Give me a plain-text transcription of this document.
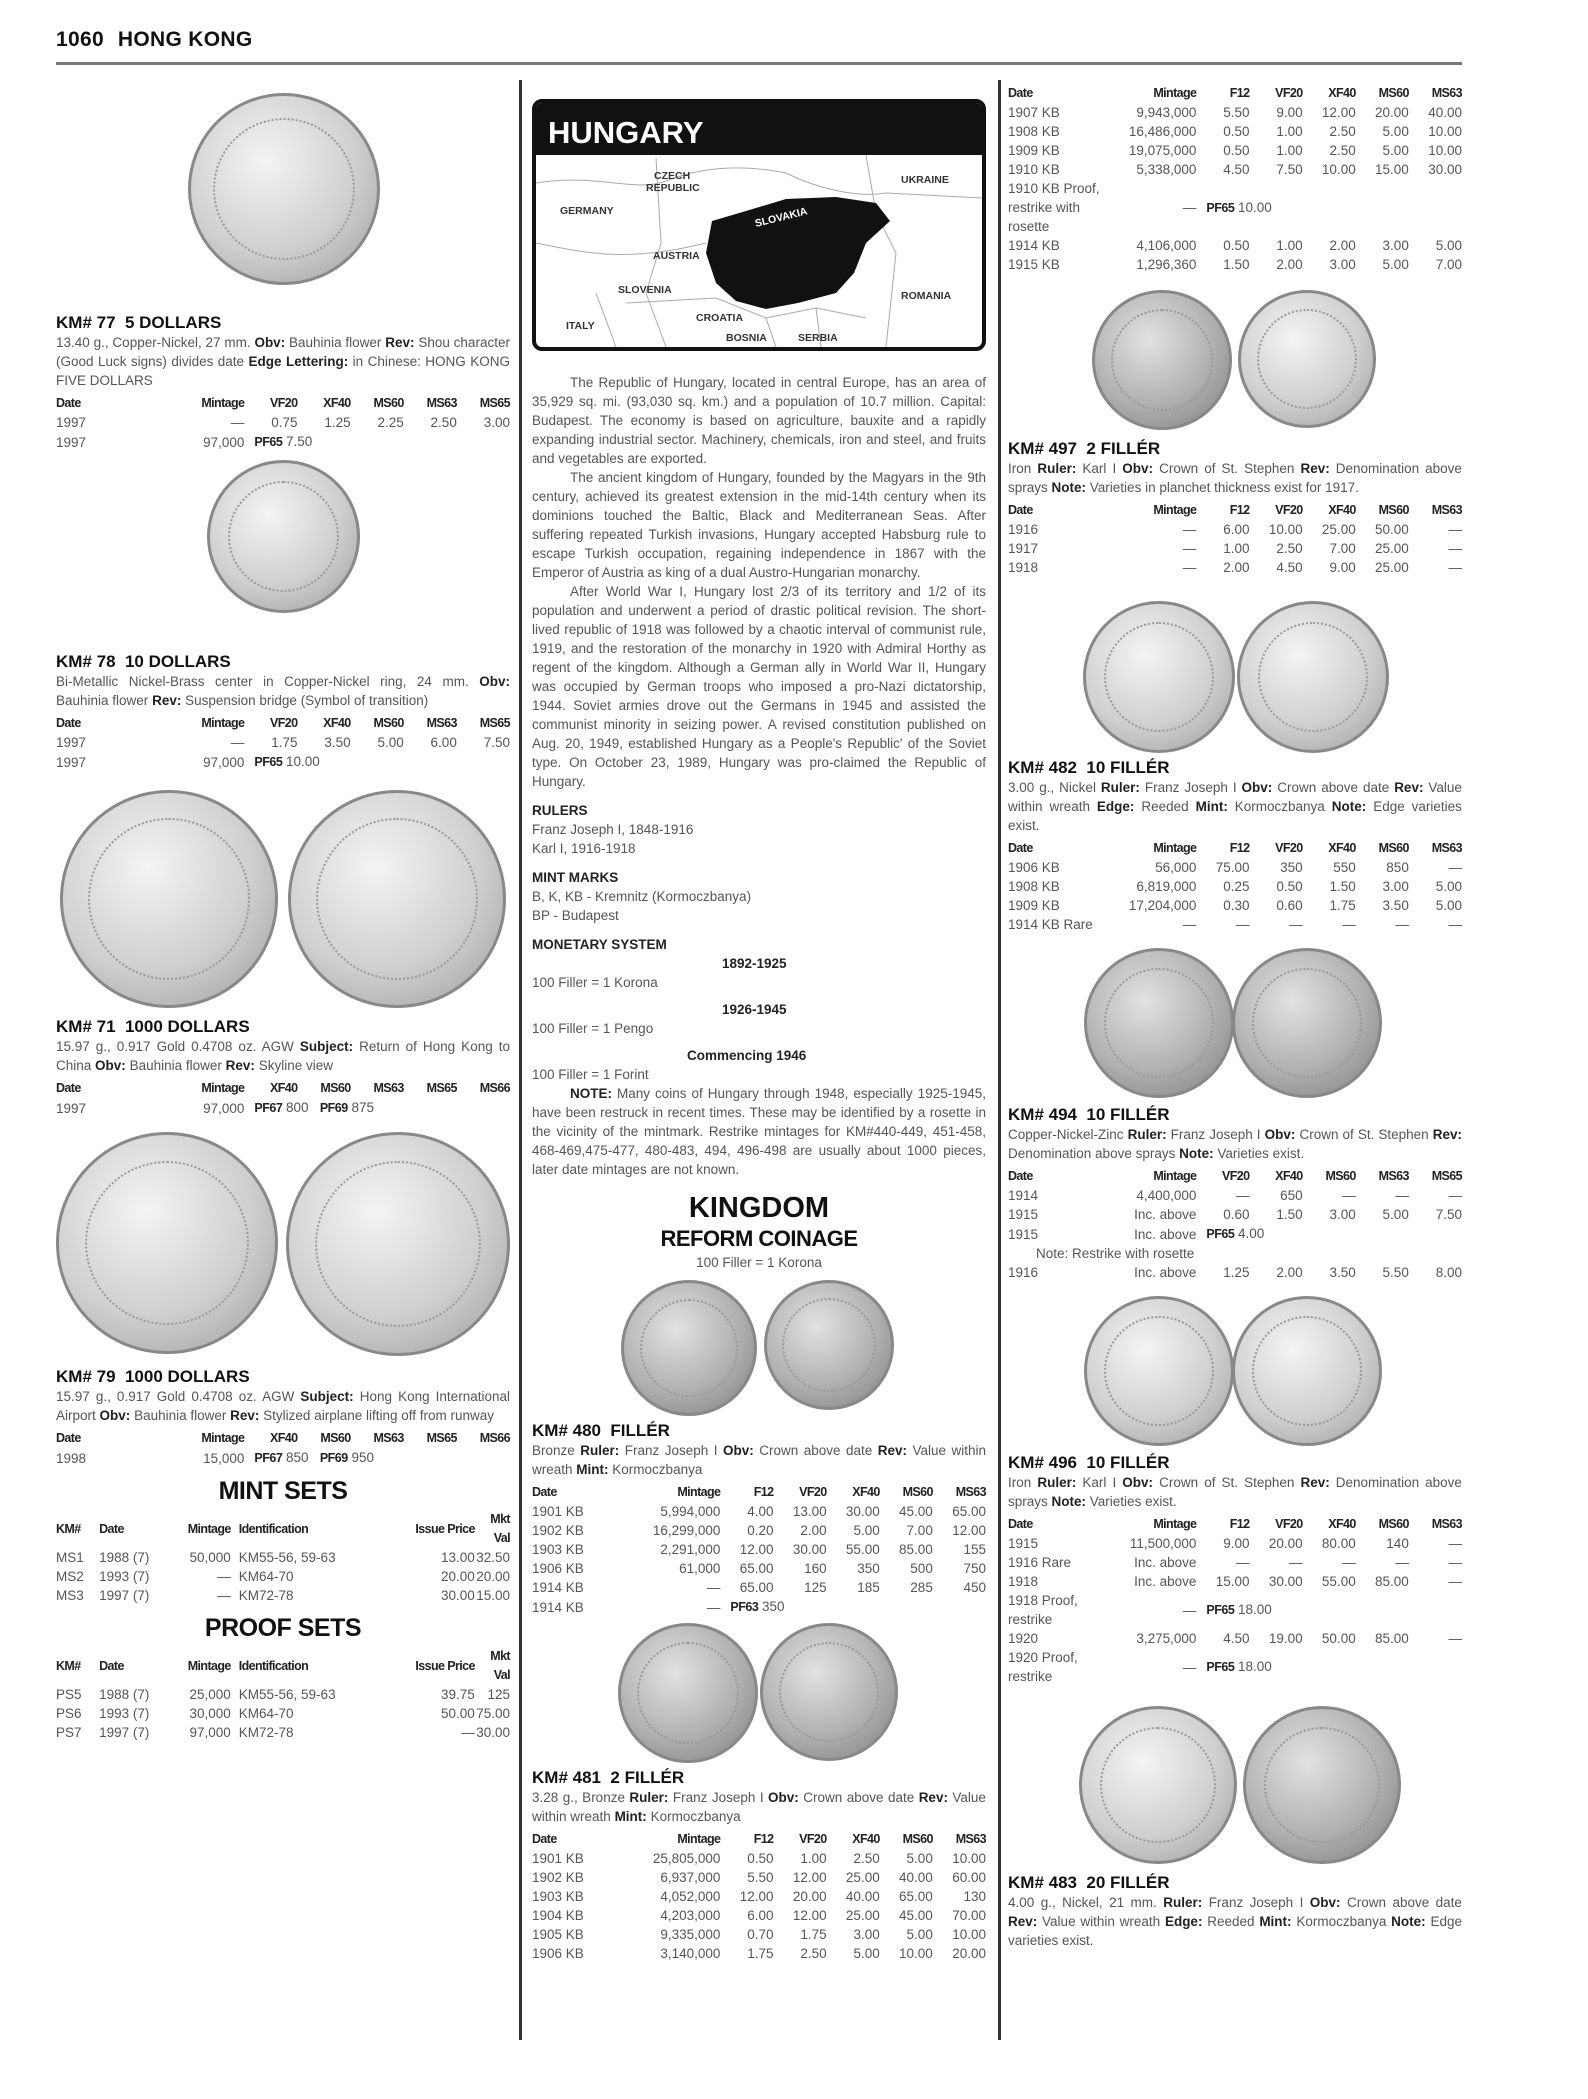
1060 HONG KONG
KM# 77  5 DOLLARS
13.40 g., Copper-Nickel, 27 mm. Obv: Bauhinia flower Rev: Shou character (Good Luck signs) divides date Edge Lettering: in Chinese: HONG KONG FIVE DOLLARS
Date	Mintage	VF20	XF40	MS60	MS63	MS65
1997	—	0.75	1.25	2.25	2.50	3.00
1997	97,000	PF65 7.50				
KM# 78  10 DOLLARS
Bi-Metallic Nickel-Brass center in Copper-Nickel ring, 24 mm. Obv: Bauhinia flower Rev: Suspension bridge (Symbol of transition)
Date	Mintage	VF20	XF40	MS60	MS63	MS65
1997	—	1.75	3.50	5.00	6.00	7.50
1997	97,000	PF65 10.00				
KM# 71  1000 DOLLARS
15.97 g., 0.917 Gold 0.4708 oz. AGW Subject: Return of Hong Kong to China Obv: Bauhinia flower Rev: Skyline view
Date	Mintage	XF40	MS60	MS63	MS65	MS66
1997	97,000	PF67 800 PF69 875				
KM# 79  1000 DOLLARS
15.97 g., 0.917 Gold 0.4708 oz. AGW Subject: Hong Kong International Airport Obv: Bauhinia flower Rev: Stylized airplane lifting off from runway
Date	Mintage	XF40	MS60	MS63	MS65	MS66
1998	15,000	PF67 850 PF69 950				
MINT SETS
KM#	Date	Mintage	Identification	Issue Price	Mkt Val
MS1	1988 (7)	50,000	KM55-56, 59-63	13.00	32.50
MS2	1993 (7)	—	KM64-70	20.00	20.00
MS3	1997 (7)	—	KM72-78	30.00	15.00
PROOF SETS
KM#	Date	Mintage	Identification	Issue Price	Mkt Val
PS5	1988 (7)	25,000	KM55-56, 59-63	39.75	125
PS6	1993 (7)	30,000	KM64-70	50.00	75.00
PS7	1997 (7)	97,000	KM72-78	—	30.00
HUNGARY
CZECH
REPUBLIC
GERMANY
UKRAINE
SLOVAKIA
AUSTRIA
SLOVENIA
CROATIA
ROMANIA
ITALY
BOSNIA	SERBIA

The Republic of Hungary, located in central Europe, has an area of 35,929 sq. mi. (93,030 sq. km.) and a population of 10.7 million. Capital: Budapest. The economy is based on agriculture, bauxite and a rapidly expanding industrial sector. Machinery, chemicals, iron and steel, and fruits and vegetables are exported.

The ancient kingdom of Hungary, founded by the Magyars in the 9th century, achieved its greatest extension in the mid-14th century when its dominions touched the Baltic, Black and Mediterranean Seas. After suffering repeated Turkish invasions, Hungary accepted Habsburg rule to escape Turkish occupation, regaining independence in 1867 with the Emperor of Austria as king of a dual Austro-Hungarian monarchy.

After World War I, Hungary lost 2/3 of its territory and 1/2 of its population and underwent a period of drastic political revision. The short-lived republic of 1918 was followed by a chaotic interval of communist rule, 1919, and the restoration of the monarchy in 1920 with Admiral Horthy as regent of the kingdom. Although a German ally in World War II, Hungary was occupied by German troops who imposed a pro-Nazi dictatorship, 1944. Soviet armies drove out the Germans in 1945 and assisted the communist minority in seizing power. A revised constitution published on Aug. 20, 1949, established Hungary as a People's Republic' of the Soviet type. On October 23, 1989, Hungary was pro-claimed the Republic of Hungary.

RULERS
Franz Joseph I, 1848-1916
Karl I, 1916-1918
MINT MARKS
B, K, KB - Kremnitz (Kormoczbanya)
BP - Budapest
MONETARY SYSTEM
1892-1925
100 Filler = 1 Korona
1926-1945
100 Filler = 1 Pengo
Commencing 1946
100 Filler = 1 Forint

NOTE: Many coins of Hungary through 1948, especially 1925-1945, have been restruck in recent times. These may be identified by a rosette in the vicinity of the mintmark. Restrike mintages for KM#440-449, 451-458, 468-469,475-477, 480-483, 494, 496-498 are usually about 1000 pieces, later date mintages are not known.

KINGDOM
REFORM COINAGE
100 Filler = 1 Korona
KM# 480  FILLÉR
Bronze Ruler: Franz Joseph I Obv: Crown above date Rev: Value within wreath Mint: Kormoczbanya
Date	Mintage	F12	VF20	XF40	MS60	MS63
1901 KB	5,994,000	4.00	13.00	30.00	45.00	65.00
1902 KB	16,299,000	0.20	2.00	5.00	7.00	12.00
1903 KB	2,291,000	12.00	30.00	55.00	85.00	155
1906 KB	61,000	65.00	160	350	500	750
1914 KB	—	65.00	125	185	285	450
1914 KB	—	PF63 350				
KM# 481  2 FILLÉR
3.28 g., Bronze Ruler: Franz Joseph I Obv: Crown above date Rev: Value within wreath Mint: Kormoczbanya
Date	Mintage	F12	VF20	XF40	MS60	MS63
1901 KB	25,805,000	0.50	1.00	2.50	5.00	10.00
1902 KB	6,937,000	5.50	12.00	25.00	40.00	60.00
1903 KB	4,052,000	12.00	20.00	40.00	65.00	130
1904 KB	4,203,000	6.00	12.00	25.00	45.00	70.00
1905 KB	9,335,000	0.70	1.75	3.00	5.00	10.00
1906 KB	3,140,000	1.75	2.50	5.00	10.00	20.00
Date	Mintage	F12	VF20	XF40	MS60	MS63
1907 KB	9,943,000	5.50	9.00	12.00	20.00	40.00
1908 KB	16,486,000	0.50	1.00	2.50	5.00	10.00
1909 KB	19,075,000	0.50	1.00	2.50	5.00	10.00
1910 KB	5,338,000	4.50	7.50	10.00	15.00	30.00
1910 KB Proof, restrike with rosette	—	PF65 10.00				
1914 KB	4,106,000	0.50	1.00	2.00	3.00	5.00
1915 KB	1,296,360	1.50	2.00	3.00	5.00	7.00
KM# 497  2 FILLÉR
Iron Ruler: Karl I Obv: Crown of St. Stephen Rev: Denomination above sprays Note: Varieties in planchet thickness exist for 1917.
Date	Mintage	F12	VF20	XF40	MS60	MS63
1916	—	6.00	10.00	25.00	50.00	—
1917	—	1.00	2.50	7.00	25.00	—
1918	—	2.00	4.50	9.00	25.00	—
KM# 482  10 FILLÉR
3.00 g., Nickel Ruler: Franz Joseph I Obv: Crown above date Rev: Value within wreath Edge: Reeded Mint: Kormoczbanya Note: Edge varieties exist.
Date	Mintage	F12	VF20	XF40	MS60	MS63
1906 KB	56,000	75.00	350	550	850	—
1908 KB	6,819,000	0.25	0.50	1.50	3.00	5.00
1909 KB	17,204,000	0.30	0.60	1.75	3.50	5.00
1914 KB Rare	—	—	—	—	—	—
KM# 494  10 FILLÉR
Copper-Nickel-Zinc Ruler: Franz Joseph I Obv: Crown of St. Stephen Rev: Denomination above sprays Note: Varieties exist.
Date	Mintage	VF20	XF40	MS60	MS63	MS65
1914	4,400,000	—	650	—	—	—
1915	Inc. above	0.60	1.50	3.00	5.00	7.50
1915	Inc. above	PF65 4.00				
Note: Restrike with rosette						
1916	Inc. above	1.25	2.00	3.50	5.50	8.00
KM# 496  10 FILLÉR
Iron Ruler: Karl I Obv: Crown of St. Stephen Rev: Denomination above sprays Note: Varieties exist.
Date	Mintage	F12	VF20	XF40	MS60	MS63
1915	11,500,000	9.00	20.00	80.00	140	—
1916 Rare	Inc. above	—	—	—	—	—
1918	Inc. above	15.00	30.00	55.00	85.00	—
1918 Proof, restrike	—	PF65 18.00				
1920	3,275,000	4.50	19.00	50.00	85.00	—
1920 Proof, restrike	—	PF65 18.00				
KM# 483  20 FILLÉR
4.00 g., Nickel, 21 mm. Ruler: Franz Joseph I Obv: Crown above date Rev: Value within wreath Edge: Reeded Mint: Kormoczbanya Note: Edge varieties exist.
